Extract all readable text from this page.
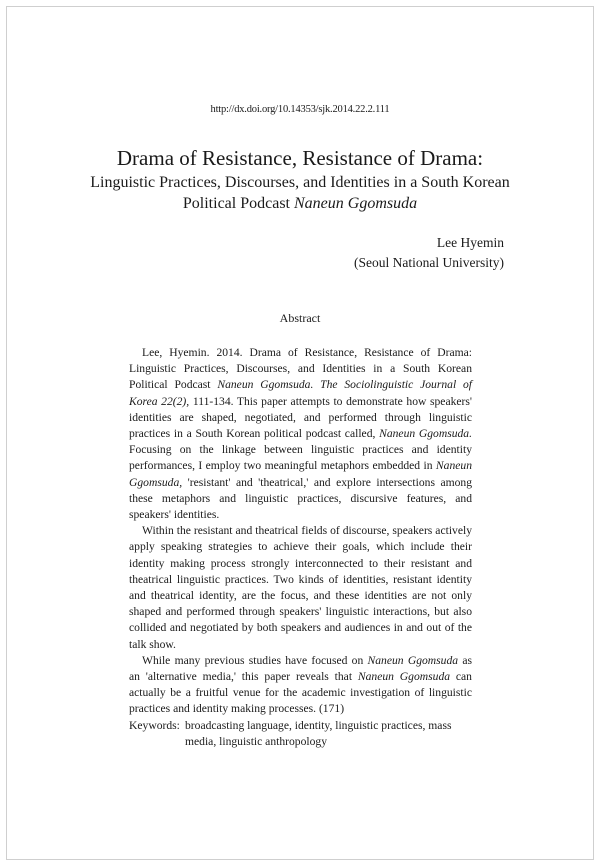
http://dx.doi.org/10.14353/sjk.2014.22.2.111
Drama of Resistance, Resistance of Drama:
Linguistic Practices, Discourses, and Identities in a South Korean
Political Podcast Naneun Ggomsuda
Lee Hyemin
(Seoul National University)
Abstract

Lee, Hyemin. 2014. Drama of Resistance, Resistance of Drama: Linguistic Practices, Discourses, and Identities in a South Korean Political Podcast Naneun Ggomsuda. The Sociolinguistic Journal of Korea 22(2), 111-134. This paper attempts to demonstrate how speakers' identities are shaped, negotiated, and performed through linguistic practices in a South Korean political podcast called, Naneun Ggomsuda. Focusing on the linkage between linguistic practices and identity performances, I employ two meaningful metaphors embedded in Naneun Ggomsuda, 'resistant' and 'theatrical,' and explore intersections among these metaphors and linguistic practices, discursive features, and speakers' identities.

Within the resistant and theatrical fields of discourse, speakers actively apply speaking strategies to achieve their goals, which include their identity making process strongly interconnected to their resistant and theatrical linguistic practices. Two kinds of identities, resistant identity and theatrical identity, are the focus, and these identities are not only shaped and performed through speakers' linguistic interactions, but also collided and negotiated by both speakers and audiences in and out of the talk show.

While many previous studies have focused on Naneun Ggomsuda as an 'alternative media,' this paper reveals that Naneun Ggomsuda can actually be a fruitful venue for the academic investigation of linguistic practices and identity making processes. (171)

Keywords: broadcasting language, identity, linguistic practices, mass media, linguistic anthropology
